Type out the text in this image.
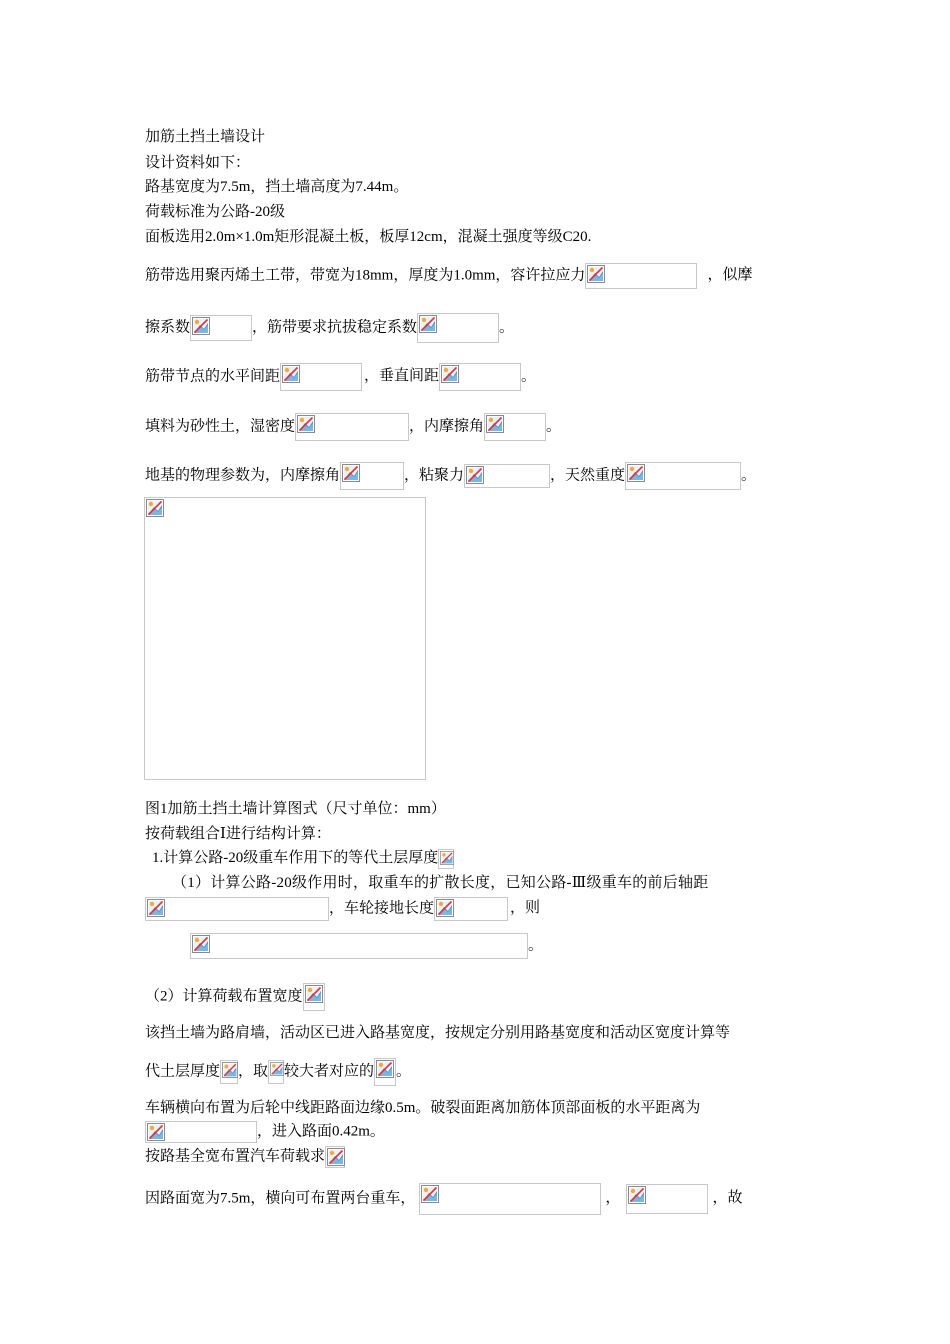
加筋土挡土墙设计
设计资料如下：
路基宽度为7.5m，挡土墙高度为7.44m。
荷载标准为公路-20级
面板选用2.0m×1.0m矩形混凝土板，板厚12cm，混凝土强度等级C20.
筋带选用聚丙烯土工带，带宽为18mm，厚度为1.0mm，容许拉应力	，似摩
擦系数	，筋带要求抗拔稳定系数	。
筋带节点的水平间距	，垂直间距	。
填料为砂性土，湿密度	，内摩擦角	。
地基的物理参数为，内摩擦角	，粘聚力	，天然重度	。
图1加筋土挡土墙计算图式（尺寸单位：mm）
按荷载组合Ⅰ进行结构计算：
1.计算公路-20级重车作用下的等代土层厚度
（1）计算公路-20级作用时，取重车的扩散长度，已知公路-Ⅲ级重车的前后轴距
，车轮接地长度	，则
。
（2）计算荷载布置宽度
该挡土墙为路肩墙，活动区已进入路基宽度，按规定分别用路基宽度和活动区宽度计算等
代土层厚度 ，取 较大者对应的 。
车辆横向布置为后轮中线距路面边缘0.5m。破裂面距离加筋体顶部面板的水平距离为
，进入路面0.42m。
按路基全宽布置汽车荷载求
因路面宽为7.5m，横向可布置两台重车，	，	，故
